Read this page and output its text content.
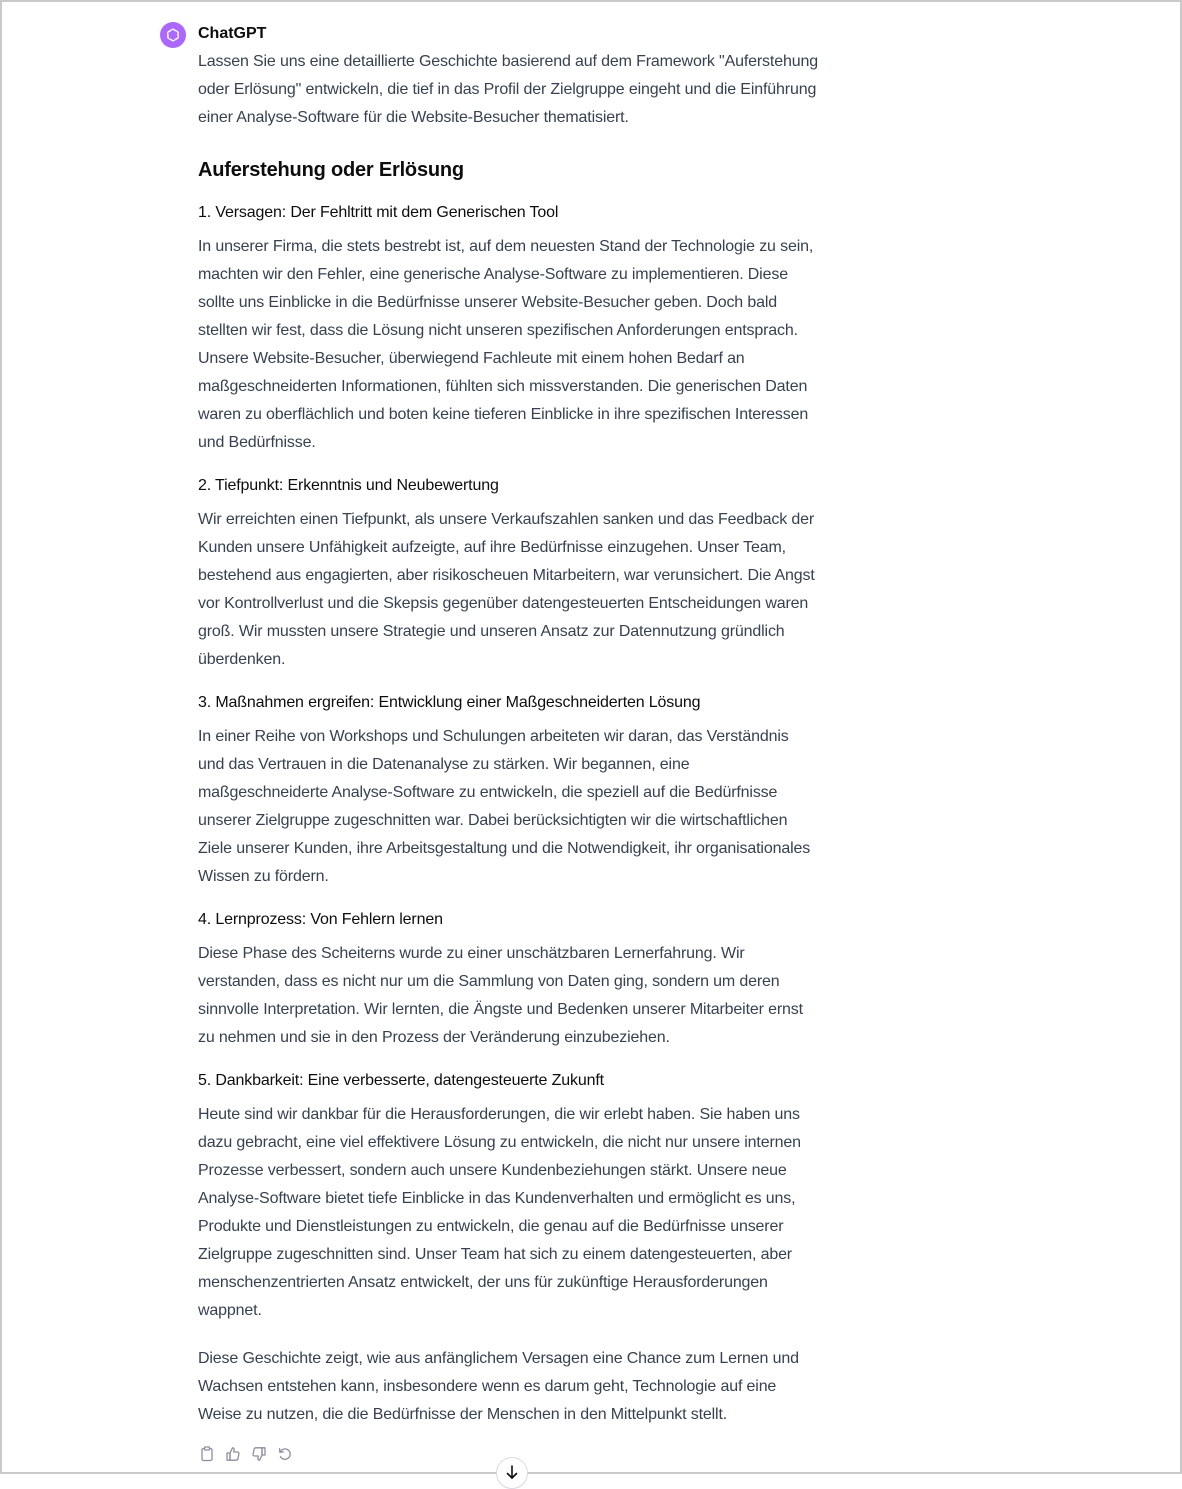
ChatGPT

Lassen Sie uns eine detaillierte Geschichte basierend auf dem Framework "Auferstehung oder Erlösung" entwickeln, die tief in das Profil der Zielgruppe eingeht und die Einführung einer Analyse-Software für die Website-Besucher thematisiert.

Auferstehung oder Erlösung
1. Versagen: Der Fehltritt mit dem Generischen Tool

In unserer Firma, die stets bestrebt ist, auf dem neuesten Stand der Technologie zu sein, machten wir den Fehler, eine generische Analyse-Software zu implementieren. Diese sollte uns Einblicke in die Bedürfnisse unserer Website-Besucher geben. Doch bald stellten wir fest, dass die Lösung nicht unseren spezifischen Anforderungen entsprach. Unsere Website-Besucher, überwiegend Fachleute mit einem hohen Bedarf an maßgeschneiderten Informationen, fühlten sich missverstanden. Die generischen Daten waren zu oberflächlich und boten keine tieferen Einblicke in ihre spezifischen Interessen und Bedürfnisse.

2. Tiefpunkt: Erkenntnis und Neubewertung

Wir erreichten einen Tiefpunkt, als unsere Verkaufszahlen sanken und das Feedback der Kunden unsere Unfähigkeit aufzeigte, auf ihre Bedürfnisse einzugehen. Unser Team, bestehend aus engagierten, aber risikoscheuen Mitarbeitern, war verunsichert. Die Angst vor Kontrollverlust und die Skepsis gegenüber datengesteuerten Entscheidungen waren groß. Wir mussten unsere Strategie und unseren Ansatz zur Datennutzung gründlich überdenken.

3. Maßnahmen ergreifen: Entwicklung einer Maßgeschneiderten Lösung

In einer Reihe von Workshops und Schulungen arbeiteten wir daran, das Verständnis und das Vertrauen in die Datenanalyse zu stärken. Wir begannen, eine maßgeschneiderte Analyse-Software zu entwickeln, die speziell auf die Bedürfnisse unserer Zielgruppe zugeschnitten war. Dabei berücksichtigten wir die wirtschaftlichen Ziele unserer Kunden, ihre Arbeitsgestaltung und die Notwendigkeit, ihr organisationales Wissen zu fördern.

4. Lernprozess: Von Fehlern lernen

Diese Phase des Scheiterns wurde zu einer unschätzbaren Lernerfahrung. Wir verstanden, dass es nicht nur um die Sammlung von Daten ging, sondern um deren sinnvolle Interpretation. Wir lernten, die Ängste und Bedenken unserer Mitarbeiter ernst zu nehmen und sie in den Prozess der Veränderung einzubeziehen.

5. Dankbarkeit: Eine verbesserte, datengesteuerte Zukunft

Heute sind wir dankbar für die Herausforderungen, die wir erlebt haben. Sie haben uns dazu gebracht, eine viel effektivere Lösung zu entwickeln, die nicht nur unsere internen Prozesse verbessert, sondern auch unsere Kundenbeziehungen stärkt. Unsere neue Analyse-Software bietet tiefe Einblicke in das Kundenverhalten und ermöglicht es uns, Produkte und Dienstleistungen zu entwickeln, die genau auf die Bedürfnisse unserer Zielgruppe zugeschnitten sind. Unser Team hat sich zu einem datengesteuerten, aber menschenzentrierten Ansatz entwickelt, der uns für zukünftige Herausforderungen wappnet.

Diese Geschichte zeigt, wie aus anfänglichem Versagen eine Chance zum Lernen und Wachsen entstehen kann, insbesondere wenn es darum geht, Technologie auf eine Weise zu nutzen, die die Bedürfnisse der Menschen in den Mittelpunkt stellt.
